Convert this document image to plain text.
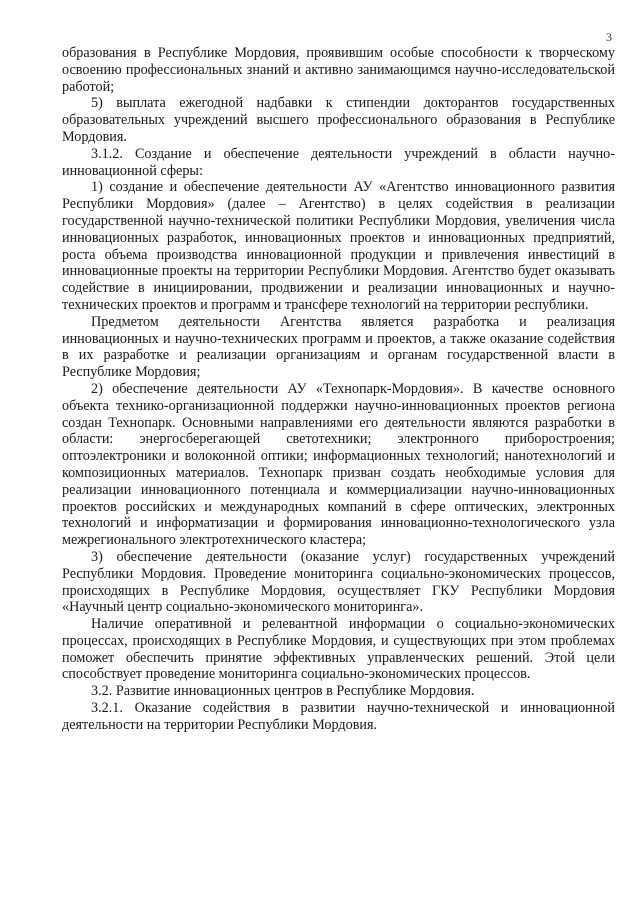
3

образования в Республике Мордовия, проявившим особые способности к творческому освоению профессиональных знаний и активно занимающимся научно-исследовательской работой;

5) выплата ежегодной надбавки к стипендии докторантов государственных образовательных учреждений высшего профессионального образования в Республике Мордовия.

3.1.2. Создание и обеспечение деятельности учреждений в области научно-инновационной сферы:

1) создание и обеспечение деятельности АУ «Агентство инновационного развития Республики Мордовия» (далее – Агентство) в целях содействия в реализации государственной научно-технической политики Республики Мордовия, увеличения числа инновационных разработок, инновационных проектов и инновационных предприятий, роста объема производства инновационной продукции и привлечения инвестиций в инновационные проекты на территории Республики Мордовия. Агентство будет оказывать содействие в инициировании, продвижении и реализации инновационных и научно-технических проектов и программ и трансфере технологий на территории республики.

Предметом деятельности Агентства является разработка и реализация инновационных и научно-технических программ и проектов, а также оказание содействия в их разработке и реализации организациям и органам государственной власти в Республике Мордовия;

2) обеспечение деятельности АУ «Технопарк-Мордовия». В качестве основного объекта технико-организационной поддержки научно-инновационных проектов региона создан Технопарк. Основными направлениями его деятельности являются разработки в области: энергосберегающей светотехники; электронного приборостроения; оптоэлектроники и волоконной оптики; информационных технологий; нанотехнологий и композиционных материалов. Технопарк призван создать необходимые условия для реализации инновационного потенциала и коммерциализации научно-инновационных проектов российских и международных компаний в сфере оптических, электронных технологий и информатизации и формирования инновационно-технологического узла межрегионального электротехнического кластера;

3) обеспечение деятельности (оказание услуг) государственных учреждений Республики Мордовия. Проведение мониторинга социально-экономических процессов, происходящих в Республике Мордовия, осуществляет ГКУ Республики Мордовия «Научный центр социально-экономического мониторинга».

Наличие оперативной и релевантной информации о социально-экономических процессах, происходящих в Республике Мордовия, и существующих при этом проблемах поможет обеспечить принятие эффективных управленческих решений. Этой цели способствует проведение мониторинга социально-экономических процессов.

3.2. Развитие инновационных центров в Республике Мордовия.

3.2.1. Оказание содействия в развитии научно-технической и инновационной деятельности на территории Республики Мордовия.
